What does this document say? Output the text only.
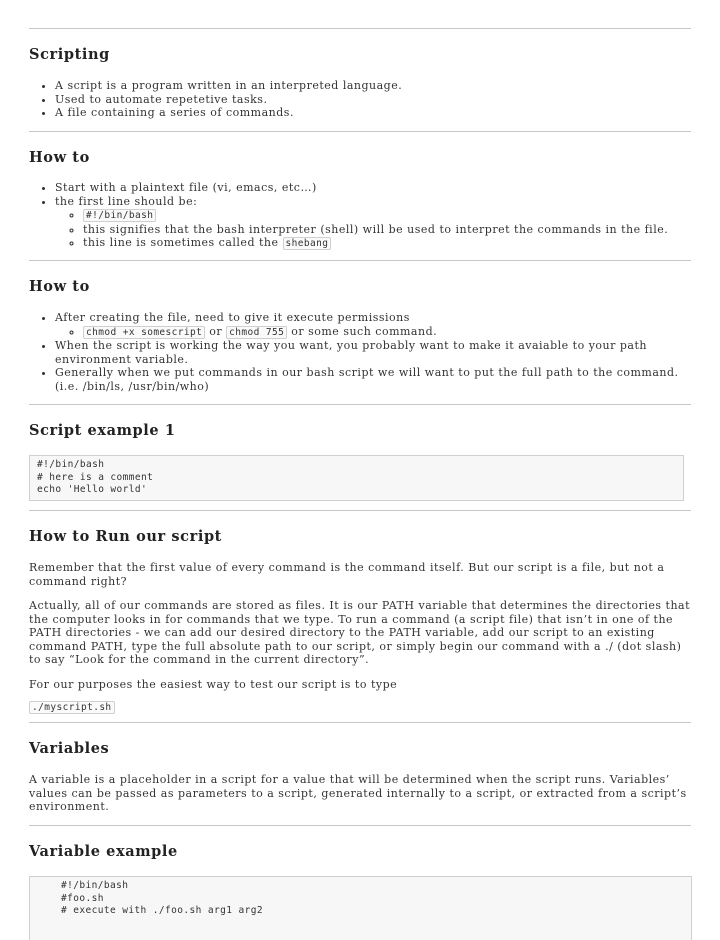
Scripting
• A script is a program written in an interpreted language.
• Used to automate repetetive tasks.
• A file containing a series of commands.
How to
• Start with a plaintext file (vi, emacs, etc…)
• the first line should be:
◦ #!/bin/bash
◦ this signifies that the bash interpreter (shell) will be used to interpret the commands in the file.
◦ this line is sometimes called the shebang
How to
• After creating the file, need to give it execute permissions
◦ chmod +x somescript or chmod 755 or some such command.
• When the script is working the way you want, you probably want to make it avaiable to your path environment variable.
• Generally when we put commands in our bash script we will want to put the full path to the command. (i.e. /bin/ls, /usr/bin/who)
Script example 1
#!/bin/bash
# here is a comment
echo 'Hello world'
How to Run our script

Remember that the first value of every command is the command itself. But our script is a file, but not a command right?

Actually, all of our commands are stored as files. It is our PATH variable that determines the directories that the computer looks in for commands that we type. To run a command (a script file) that isn’t in one of the PATH directories - we can add our desired directory to the PATH variable, add our script to an existing command PATH, type the full absolute path to our script, or simply begin our command with a ./ (dot slash) to say “Look for the command in the current directory”.

For our purposes the easiest way to test our script is to type

./myscript.sh

Variables

A variable is a placeholder in a script for a value that will be determined when the script runs. Variables’ values can be passed as parameters to a script, generated internally to a script, or extracted from a script’s environment.

Variable example
#!/bin/bash
#foo.sh
# execute with ./foo.sh arg1 arg2
